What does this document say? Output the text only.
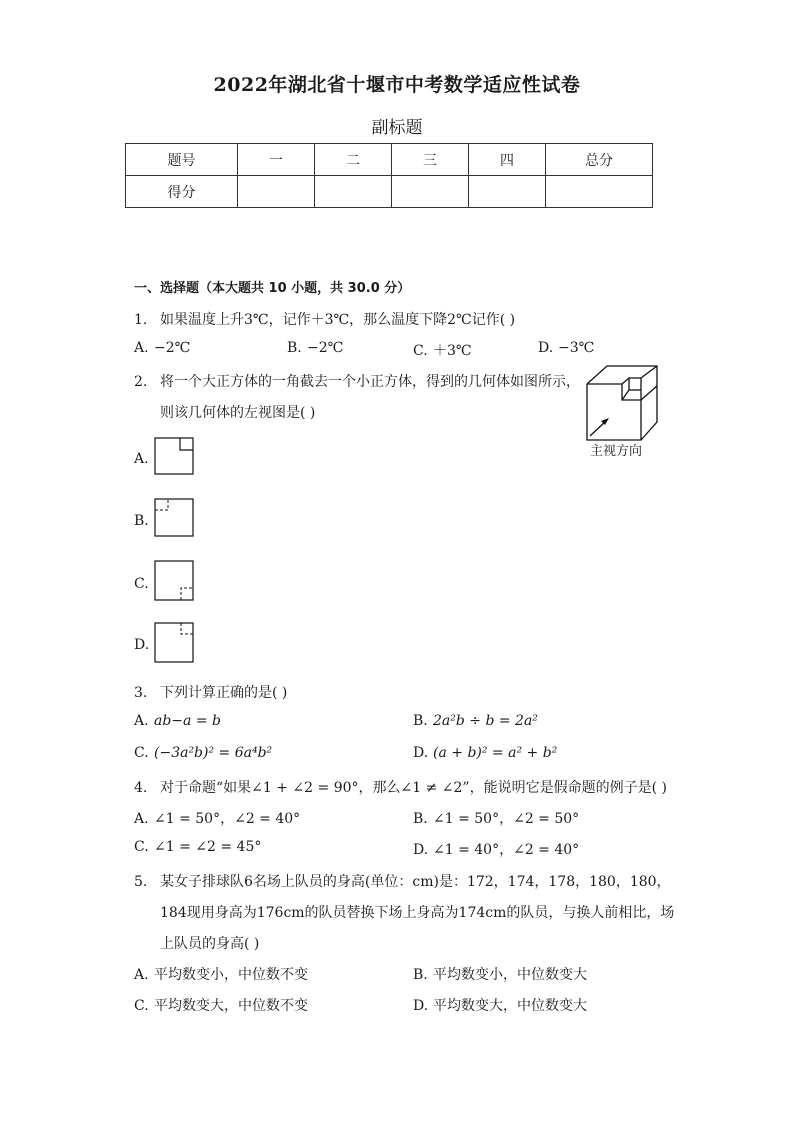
2022年湖北省十堰市中考数学适应性试卷
副标题
题号	一	二	三	四	总分
得分					
一、选择题（本大题共 10 小题，共 30.0 分）
1. 如果温度上升3℃，记作＋3℃，那么温度下降2℃记作( )
A. −2℃	B. −2℃	C. ＋3℃	D. −3℃
2. 将一个大正方体的一角截去一个小正方体，得到的几何体如图所示，
则该几何体的左视图是( )
主视方向
A.
B.
C.
D.
3. 下列计算正确的是( )
A. ab−a = b	B. 2a²b ÷ b = 2a²
C. (−3a²b)² = 6a⁴b²	D. (a + b)² = a² + b²
4. 对于命题“如果∠1 + ∠2 = 90°，那么∠1 ≠ ∠2”，能说明它是假命题的例子是( )
A. ∠1 = 50°，∠2 = 40°	B. ∠1 = 50°，∠2 = 50°
C. ∠1 = ∠2 = 45°	D. ∠1 = 40°，∠2 = 40°
5. 某女子排球队6名场上队员的身高(单位：cm)是：172，174，178，180，180，
184现用身高为176cm的队员替换下场上身高为174cm的队员，与换人前相比，场
上队员的身高( )
A. 平均数变小，中位数不变	B. 平均数变小，中位数变大
C. 平均数变大，中位数不变	D. 平均数变大，中位数变大
